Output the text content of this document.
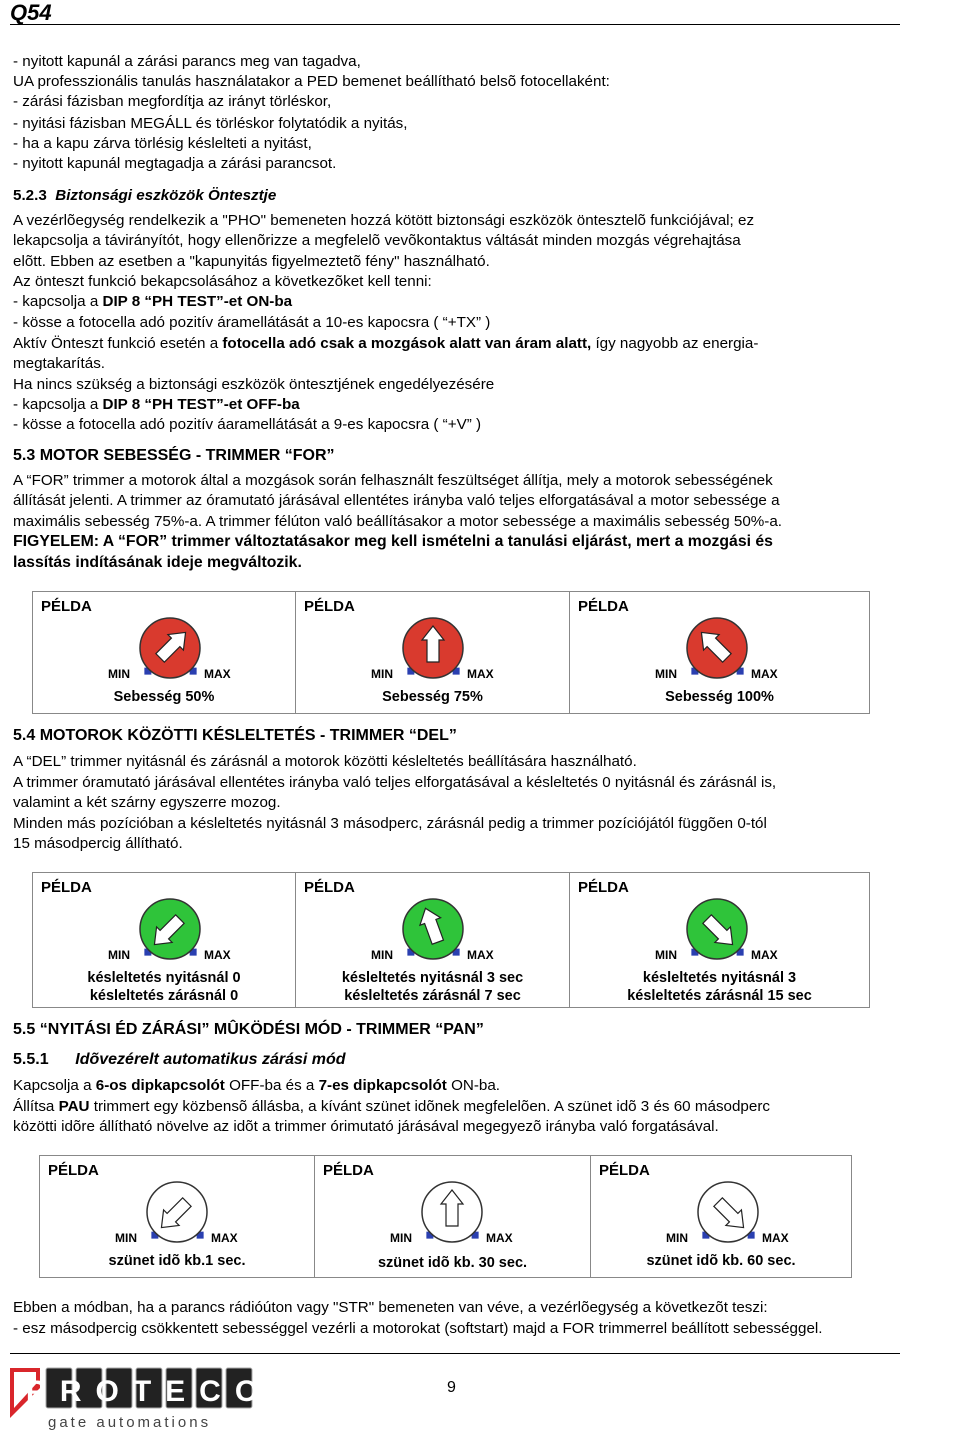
Q54
- nyitott kapunál a zárási parancs meg van tagadva,
UA professzionális tanulás használatakor a PED bemenet beállítható belsõ fotocellaként:
- zárási fázisban megfordítja az irányt törléskor,
- nyitási fázisban MEGÁLL és törléskor folytatódik a nyitás,
- ha a kapu zárva törlésig késlelteti a nyitást,
- nyitott kapunál megtagadja a zárási parancsot.
5.2.3 Biztonsági eszközök Öntesztje
A vezérlõegység rendelkezik a "PHO" bemeneten hozzá kötött biztonsági eszközök öntesztelõ funkciójával; ez
lekapcsolja a távirányítót, hogy ellenõrizze a megfelelõ vevõkontaktus váltását minden mozgás végrehajtása
elõtt. Ebben az esetben a "kapunyitás figyelmeztetõ fény" használható.
Az önteszt funkció bekapcsolásához a következõket kell tenni:
- kapcsolja a DIP 8 “PH TEST”-et ON-ba
- kösse a fotocella adó pozitív áramellátását a 10-es kapocsra ( “+TX” )
Aktív Önteszt funkció esetén a fotocella adó csak a mozgások alatt van áram alatt, így nagyobb az energia-
megtakarítás.
Ha nincs szükség a biztonsági eszközök öntesztjének engedélyezésére
- kapcsolja a DIP 8 “PH TEST”-et OFF-ba
- kösse a fotocella adó pozitív áaramellátását a 9-es kapocsra ( “+V” )
5.3 MOTOR SEBESSÉG - TRIMMER “FOR”
A “FOR” trimmer a motorok által a mozgások során felhasznált feszültséget állítja, mely a motorok sebességének
állítását jelenti. A trimmer az óramutató járásával ellentétes irányba való teljes elforgatásával a motor sebessége a
maximális sebesség 75%-a. A trimmer félúton való beállításakor a motor sebessége a maximális sebesség 50%-a.
FIGYELEM: A “FOR” trimmer változtatásakor meg kell ismételni a tanulási eljárást, mert a mozgási és
lassítás indításának ideje megváltozik.
PÉLDA
MIN	MAX
Sebesség 50%

PÉLDA
MIN	MAX
Sebesség 75%

PÉLDA
MIN	MAX
Sebesség 100%
5.4 MOTOROK KÖZÖTTI KÉSLELTETÉS - TRIMMER “DEL”
A “DEL” trimmer nyitásnál és zárásnál a motorok közötti késleltetés beállítására használható.
A trimmer óramutató járásával ellentétes irányba való teljes elforgatásával a késleltetés 0 nyitásnál és zárásnál is,
valamint a két szárny egyszerre mozog.
Minden más pozícióban a késleltetés nyitásnál 3 másodperc, zárásnál pedig a trimmer pozíciójától függõen 0-tól
15 másodpercig állítható.
PÉLDA
MIN	MAX
késleltetés nyitásnál 0
késleltetés zárásnál 0

PÉLDA
MIN	MAX
késleltetés nyitásnál 3 sec
késleltetés zárásnál 7 sec

PÉLDA
MIN	MAX
késleltetés nyitásnál 3
késleltetés zárásnál 15 sec
5.5 “NYITÁSI ÉD ZÁRÁSI” MÛKÖDÉSI MÓD - TRIMMER “PAN”
5.5.1 Idõvezérelt automatikus zárási mód
Kapcsolja a 6-os dipkapcsolót OFF-ba és a 7-es dipkapcsolót ON-ba.
Állítsa PAU trimmert egy közbensõ állásba, a kívánt szünet idõnek megfelelõen. A szünet idõ 3 és 60 másodperc
közötti idõre állítható növelve az idõt a trimmer órimutató járásával megegyezõ irányba való forgatásával.
PÉLDA
MIN	MAX
szünet idõ kb.1 sec.

PÉLDA
MIN	MAX
szünet idõ kb. 30 sec.

PÉLDA
MIN	MAX
szünet idõ kb. 60 sec.
Ebben a módban, ha a parancs rádióúton vagy "STR" bemeneten van véve, a vezérlõegység a következõt teszi:
- esz másodpercig csökkentett sebességgel vezérli a motorokat (softstart) majd a FOR trimmerrel beállított sebességgel.
PROTECO
gate automations
9
